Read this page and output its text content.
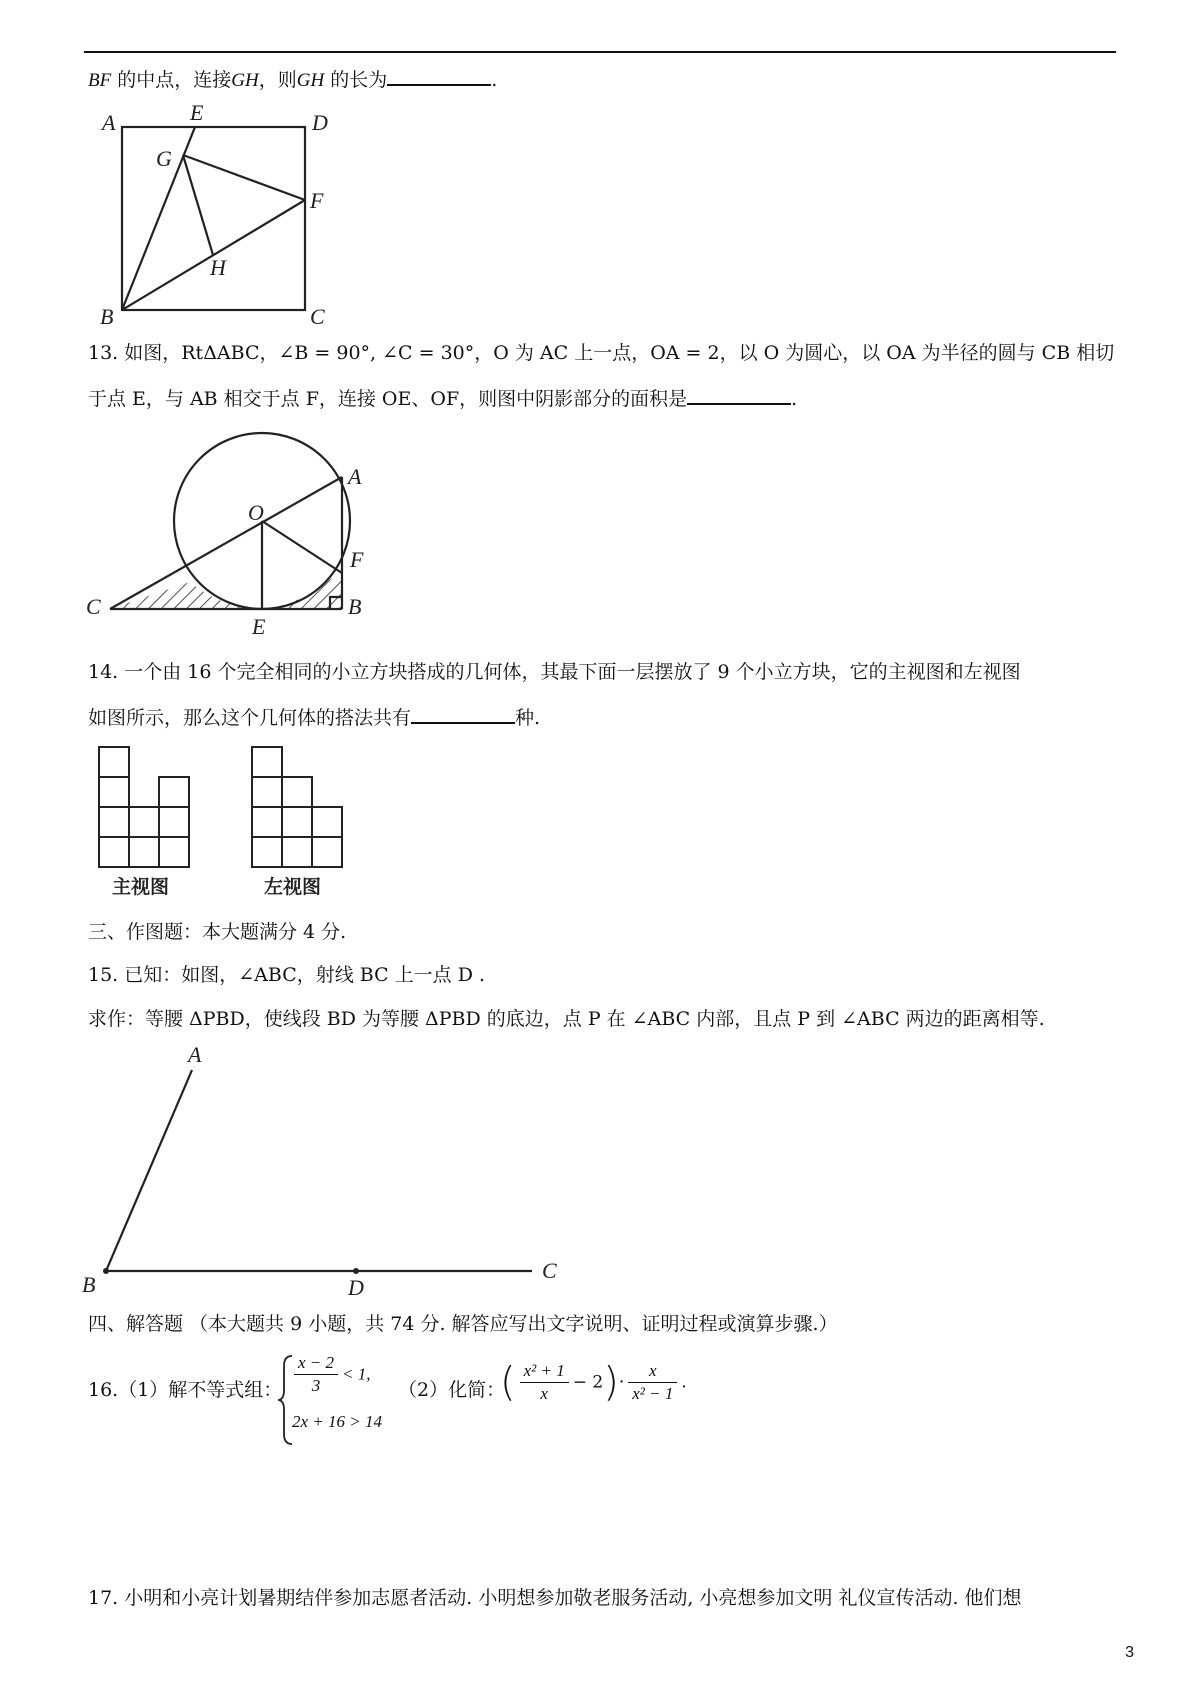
BF 的中点，连接GH，则GH 的长为	.
A	E	D
G
F
H
B	C
13. 如图，RtΔABC，∠B = 90°, ∠C = 30°，O 为 AC 上一点，OA = 2，以 O 为圆心，以 OA 为半径的圆与 CB 相切
于点 E，与 AB 相交于点 F，连接 OE、OF，则图中阴影部分的面积是	.
O
A
F
C
E
B
14. 一个由 16 个完全相同的小立方块搭成的几何体，其最下面一层摆放了 9 个小立方块，它的主视图和左视图
如图所示，那么这个几何体的搭法共有	种.
主视图	左视图
三、作图题：本大题满分 4 分.
15. 已知：如图，∠ABC，射线 BC 上一点 D .
求作：等腰 ΔPBD，使线段 BD 为等腰 ΔPBD 的底边，点 P 在 ∠ABC 内部，且点 P 到 ∠ABC 两边的距离相等.
A
B	D
C
四、解答题 （本大题共 9 小题，共 74 分. 解答应写出文字说明、证明过程或演算步骤.）
16.（1）解不等式组： $\frac{x - 2}{3} < 1$,
2x + 16 > 14
（2）化简：
( $\frac{\text{x² + 1}}{x} - 2)\cdot \frac{x}{\text{x² − 1}}$ .
17. 小明和小亮计划暑期结伴参加志愿者活动. 小明想参加敬老服务活动, 小亮想参加文明 礼仪宣传活动. 他们想
3
